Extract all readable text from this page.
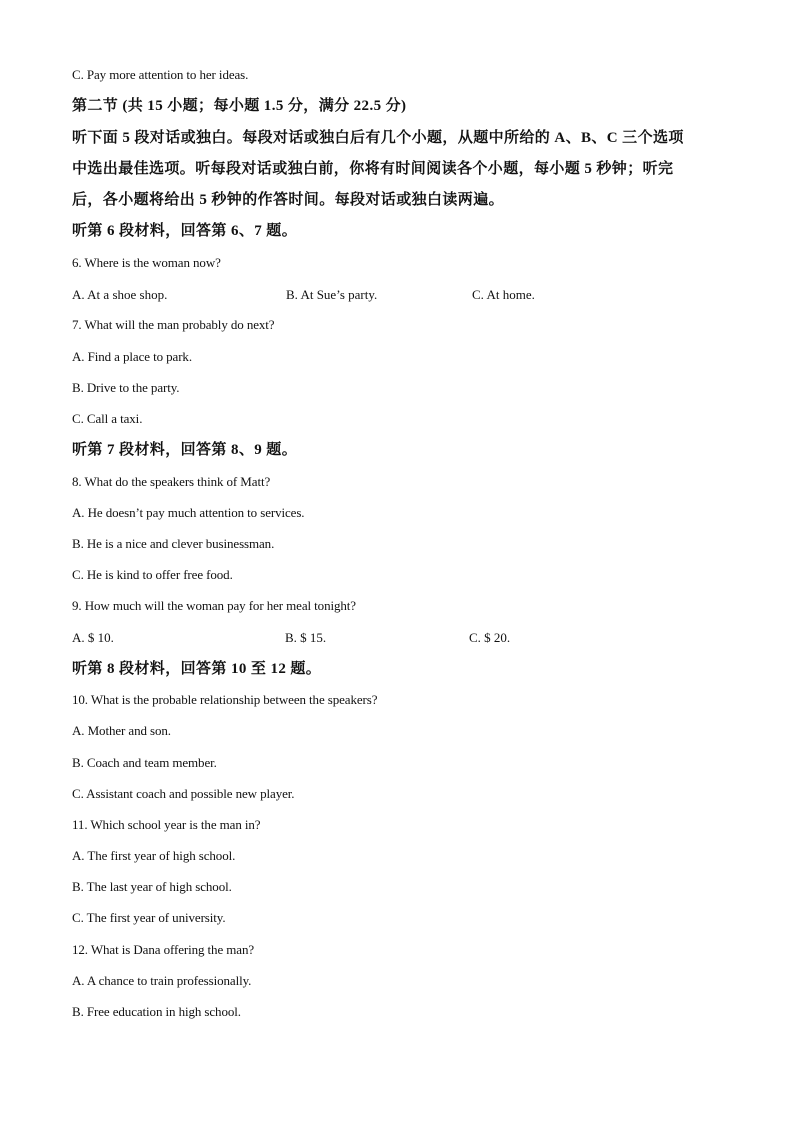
C. Pay more attention to her ideas.
第二节 (共 15 小题；每小题 1.5 分，满分 22.5 分)
听下面 5 段对话或独白。每段对话或独白后有几个小题，从题中所给的 A、B、C 三个选项
中选出最佳选项。听每段对话或独白前，你将有时间阅读各个小题，每小题 5 秒钟；听完
后，各小题将给出 5 秒钟的作答时间。每段对话或独白读两遍。
听第 6 段材料，回答第 6、7 题。
6. Where is the woman now?
A. At a shoe shop.	B. At Sue’s party.	C. At home.
7. What will the man probably do next?
A. Find a place to park.
B. Drive to the party.
C. Call a taxi.
听第 7 段材料，回答第 8、9 题。
8. What do the speakers think of Matt?
A. He doesn’t pay much attention to services.
B. He is a nice and clever businessman.
C. He is kind to offer free food.
9. How much will the woman pay for her meal tonight?
A. $ 10.	B. $ 15.	C. $ 20.
听第 8 段材料，回答第 10 至 12 题。
10. What is the probable relationship between the speakers?
A. Mother and son.
B. Coach and team member.
C. Assistant coach and possible new player.
11. Which school year is the man in?
A. The first year of high school.
B. The last year of high school.
C. The first year of university.
12. What is Dana offering the man?
A. A chance to train professionally.
B. Free education in high school.
